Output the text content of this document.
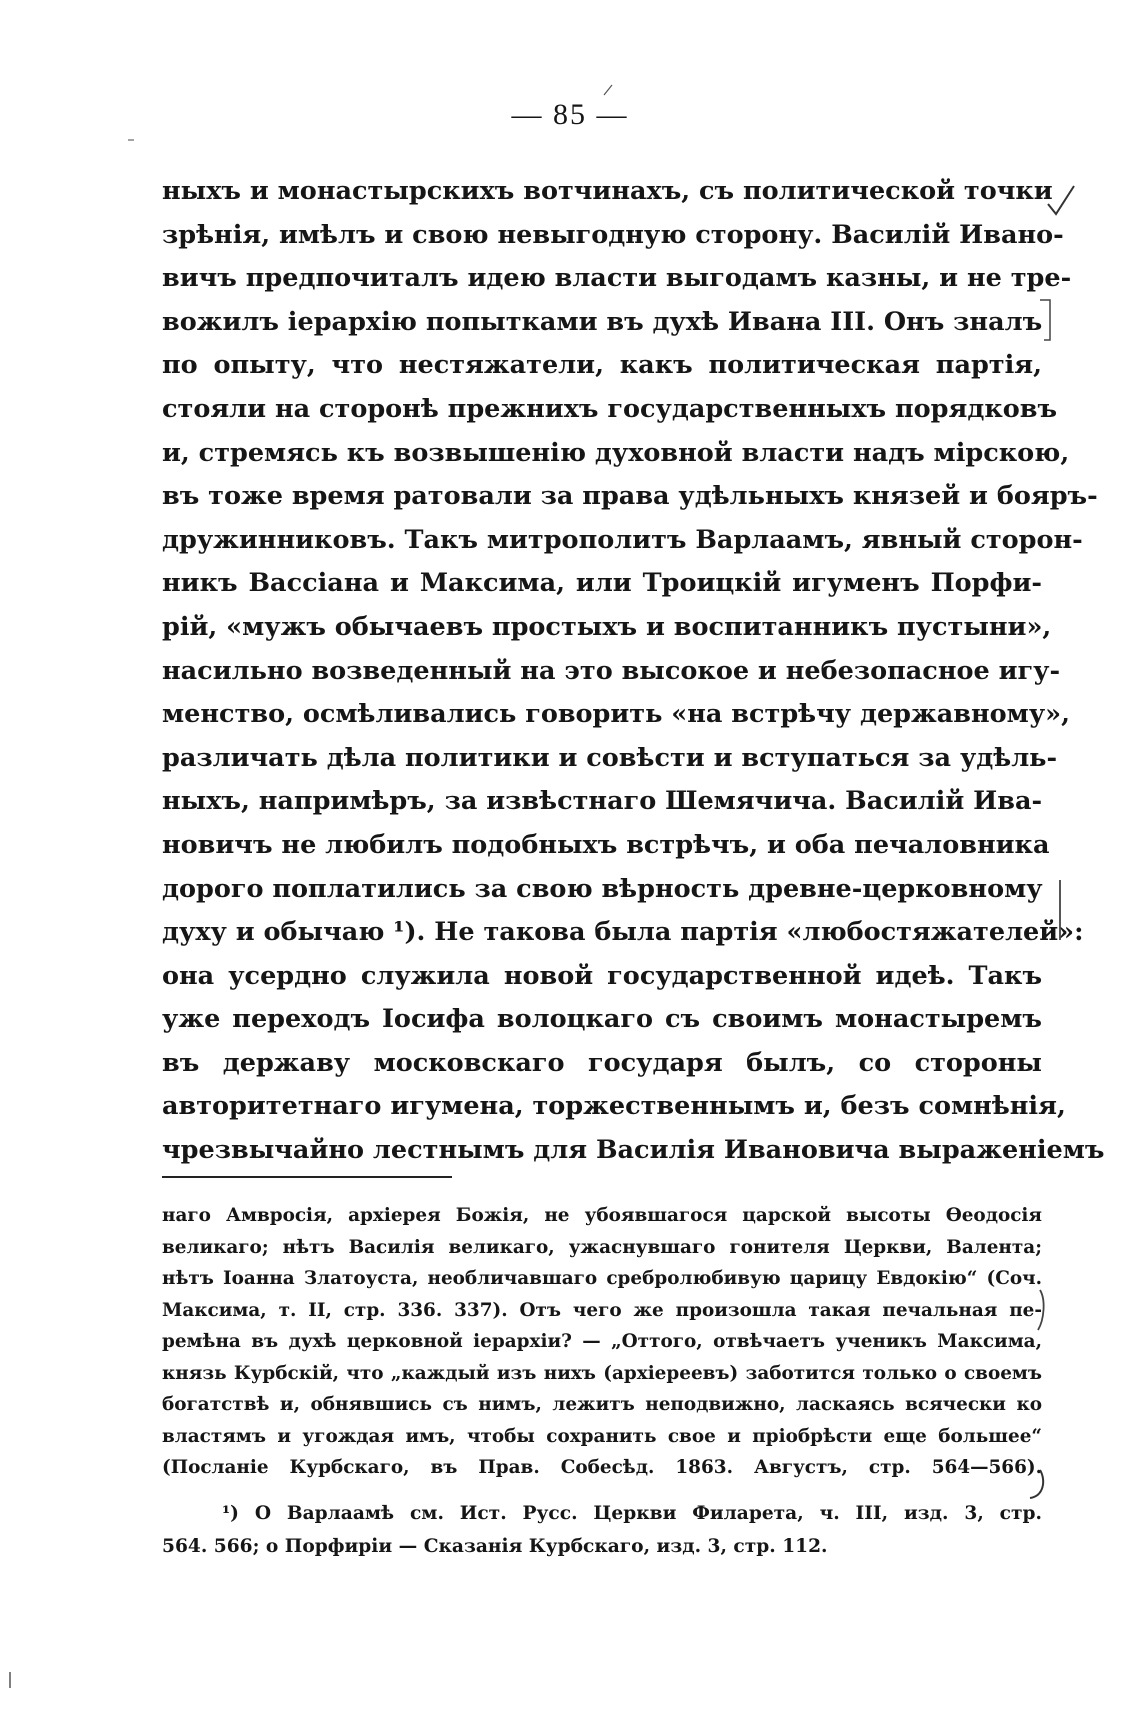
— 85 —
ныхъ и монастырскихъ вотчинахъ, съ политической точки
зрѣнія, имѣлъ и свою невыгодную сторону. Василій Ивано-
вичъ предпочиталъ идею власти выгодамъ казны, и не тре-
вожилъ іерархію попытками въ духѣ Ивана III. Онъ зналъ
по опыту, что нестяжатели, какъ политическая партія,
стояли на сторонѣ прежнихъ государственныхъ порядковъ
и, стремясь къ возвышенію духовной власти надъ мірскою,
въ тоже время ратовали за права удѣльныхъ князей и бояръ-
дружинниковъ. Такъ митрополитъ Варлаамъ, явный сторон-
никъ Вассіана и Максима, или Троицкій игуменъ Порфи-
рій, «мужъ обычаевъ простыхъ и воспитанникъ пустыни»,
насильно возведенный на это высокое и небезопасное игу-
менство, осмѣливались говорить «на встрѣчу державному»,
различать дѣла политики и совѣсти и вступаться за удѣль-
ныхъ, напримѣръ, за извѣстнаго Шемячича. Василій Ива-
новичъ не любилъ подобныхъ встрѣчъ, и оба печаловника
дорого поплатились за свою вѣрность древне-церковному
духу и обычаю ¹). Не такова была партія «любостяжателей»:
она усердно служила новой государственной идеѣ. Такъ
уже переходъ Іосифа волоцкаго съ своимъ монастыремъ
въ державу московскаго государя былъ, со стороны
авторитетнаго игумена, торжественнымъ и, безъ сомнѣнія,
чрезвычайно лестнымъ для Василія Ивановича выраженіемъ
наго Амвросія, архіерея Божія, не убоявшагося царской высоты Ѳеодосія
великаго; нѣтъ Василія великаго, ужаснувшаго гонителя Церкви, Валента;
нѣтъ Іоанна Златоуста, необличавшаго сребролюбивую царицу Евдокію“ (Соч.
Максима, т. II, стр. 336. 337). Отъ чего же произошла такая печальная пе-
ремѣна въ духѣ церковной іерархіи? — „Оттого, отвѣчаетъ ученикъ Максима,
князь Курбскій, что „каждый изъ нихъ (архіереевъ) заботится только о своемъ
богатствѣ и, обнявшись съ нимъ, лежитъ неподвижно, ласкаясь всячески ко
властямъ и угождая имъ, чтобы сохранить свое и пріобрѣсти еще большее“
(Посланіе Курбскаго, въ Прав. Собесѣд. 1863. Августъ, стр. 564—566).
¹) О Варлаамѣ см. Ист. Русс. Церкви Филарета, ч. III, изд. 3, стр.
564. 566; о Порфиріи — Сказанія Курбскаго, изд. 3, стр. 112.
